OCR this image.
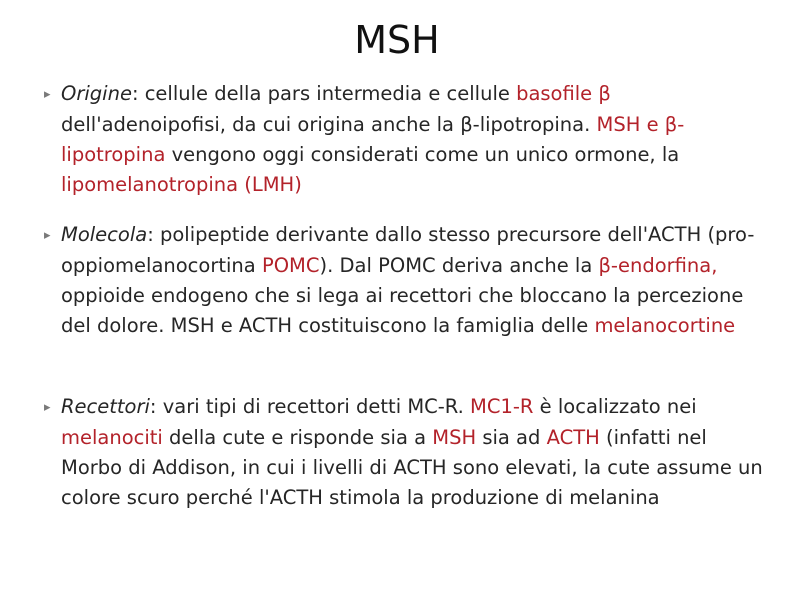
MSH
▸ Origine: cellule della pars intermedia e cellule basofile β dell'adenoipofisi, da cui origina anche la β-lipotropina. MSH e β-lipotropina vengono oggi considerati come un unico ormone, la lipomelanotropina (LMH)
▸ Molecola: polipeptide derivante dallo stesso precursore dell'ACTH (pro-oppiomelanocortina POMC). Dal POMC deriva anche la β-endorfina, oppioide endogeno che si lega ai recettori che bloccano la percezione del dolore. MSH e ACTH costituiscono la famiglia delle melanocortine
▸ Recettori: vari tipi di recettori detti MC-R. MC1-R è localizzato nei melanociti della cute e risponde sia a MSH sia ad ACTH (infatti nel Morbo di Addison, in cui i livelli di ACTH sono elevati, la cute assume un colore scuro perché l'ACTH stimola la produzione di melanina
